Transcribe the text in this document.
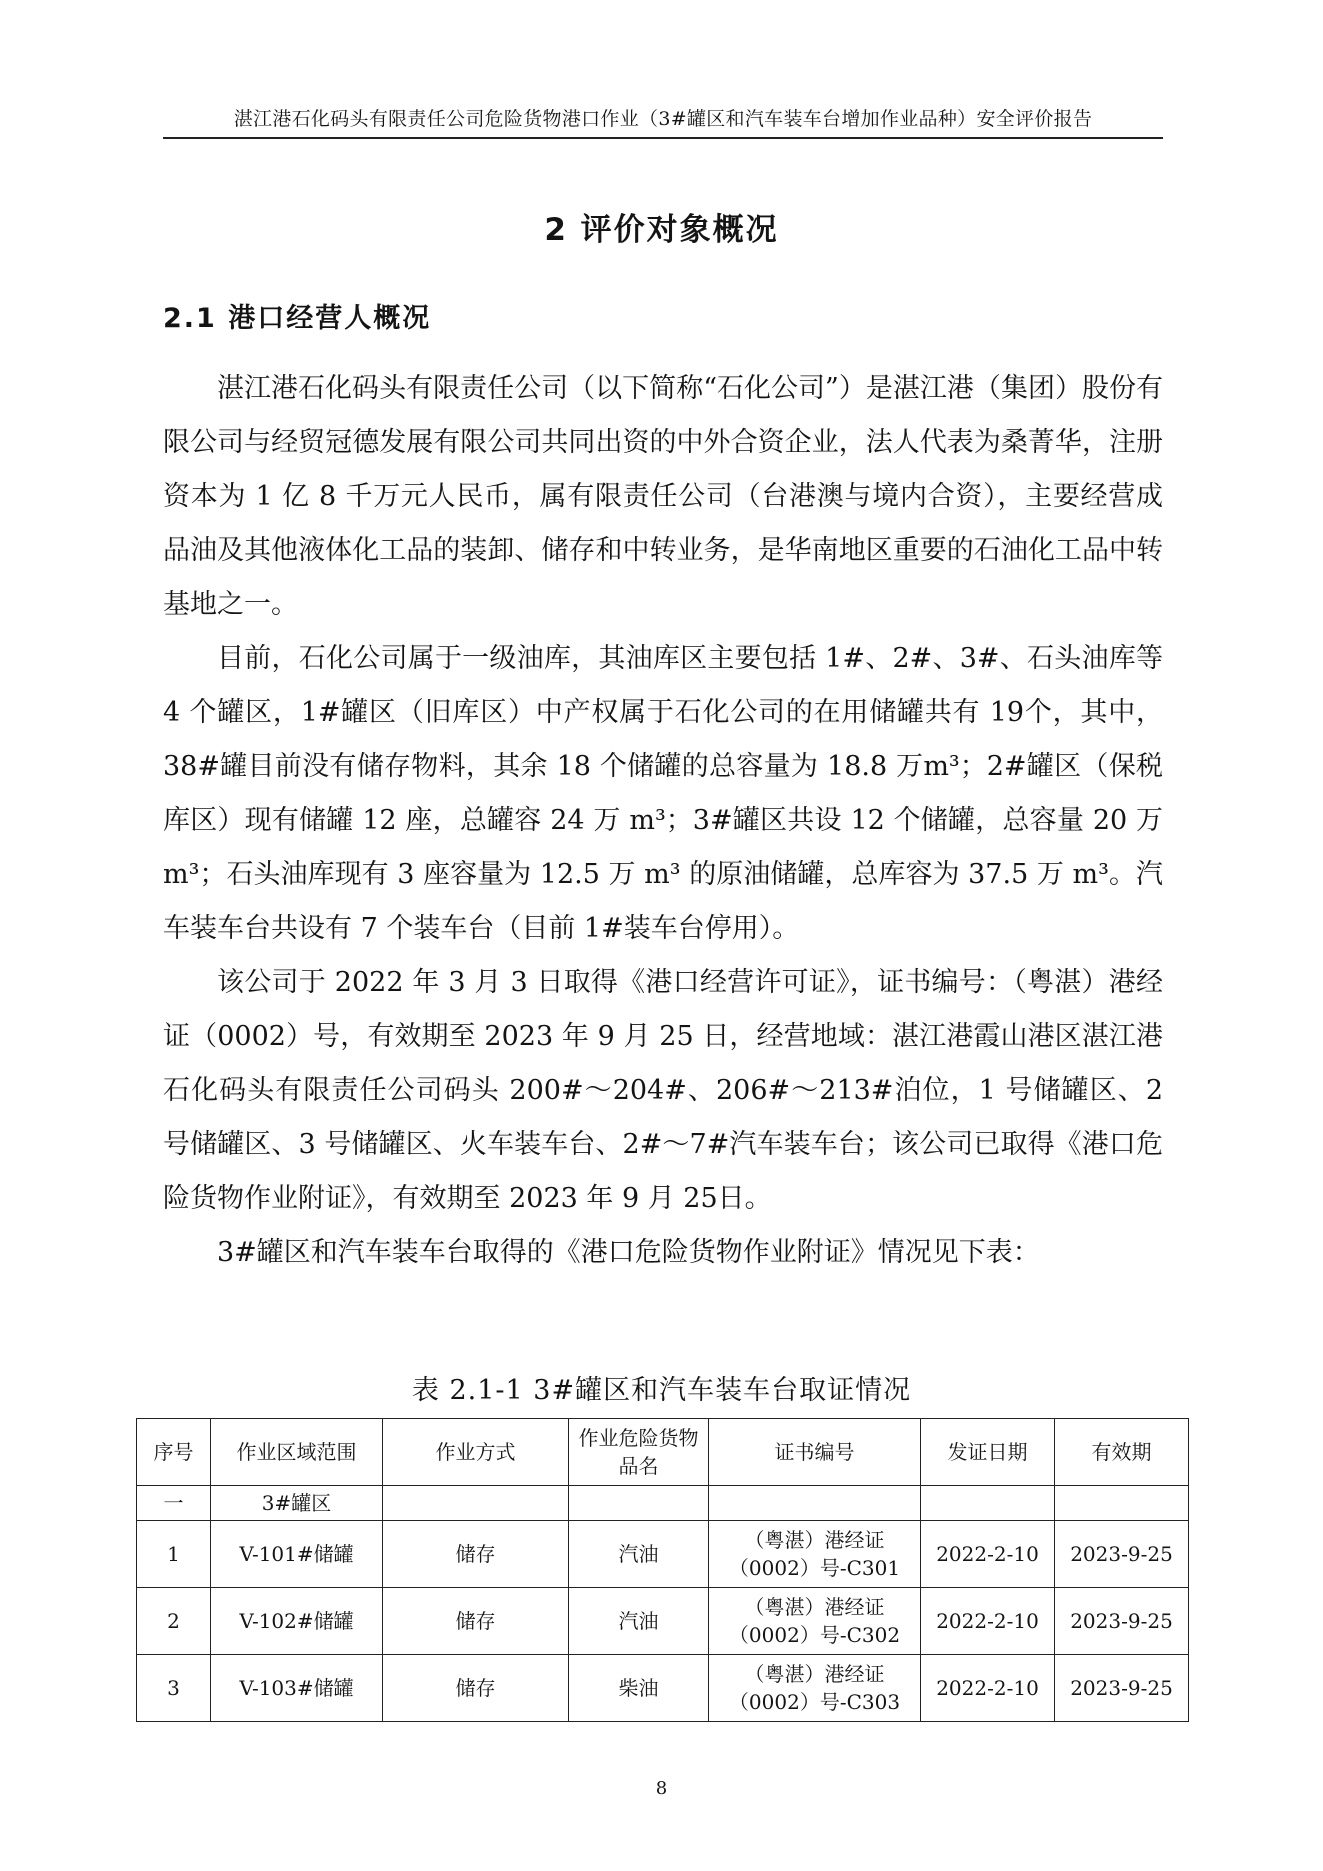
湛江港石化码头有限责任公司危险货物港口作业（3#罐区和汽车装车台增加作业品种）安全评价报告
2 评价对象概况
2.1 港口经营人概况

湛江港石化码头有限责任公司（以下简称“石化公司”）是湛江港（集团）股份有限公司与经贸冠德发展有限公司共同出资的中外合资企业，法人代表为桑菁华，注册资本为 1 亿 8 千万元人民币，属有限责任公司（台港澳与境内合资），主要经营成品油及其他液体化工品的装卸、储存和中转业务，是华南地区重要的石油化工品中转基地之一。

目前，石化公司属于一级油库，其油库区主要包括 1#、2#、3#、石头油库等 4 个罐区，1#罐区（旧库区）中产权属于石化公司的在用储罐共有 19个，其中，38#罐目前没有储存物料，其余 18 个储罐的总容量为 18.8 万m³；2#罐区（保税库区）现有储罐 12 座，总罐容 24 万 m³；3#罐区共设 12 个储罐，总容量 20 万 m³；石头油库现有 3 座容量为 12.5 万 m³ 的原油储罐，总库容为 37.5 万 m³。汽车装车台共设有 7 个装车台（目前 1#装车台停用）。

该公司于 2022 年 3 月 3 日取得《港口经营许可证》，证书编号：（粤湛）港经证（0002）号，有效期至 2023 年 9 月 25 日，经营地域：湛江港霞山港区湛江港石化码头有限责任公司码头 200#～204#、206#～213#泊位，1 号储罐区、2 号储罐区、3 号储罐区、火车装车台、2#～7#汽车装车台；该公司已取得《港口危险货物作业附证》，有效期至 2023 年 9 月 25日。

3#罐区和汽车装车台取得的《港口危险货物作业附证》情况见下表：

表 2.1-1 3#罐区和汽车装车台取证情况
序号	作业区域范围	作业方式	作业危险货物品名	证书编号	发证日期	有效期
一	3#罐区					
1	V-101#储罐	储存	汽油	（粤湛）港经证
（0002）号-C301	2022-2-10	2023-9-25
2	V-102#储罐	储存	汽油	（粤湛）港经证
（0002）号-C302	2022-2-10	2023-9-25
3	V-103#储罐	储存	柴油	（粤湛）港经证
（0002）号-C303	2022-2-10	2023-9-25
8
